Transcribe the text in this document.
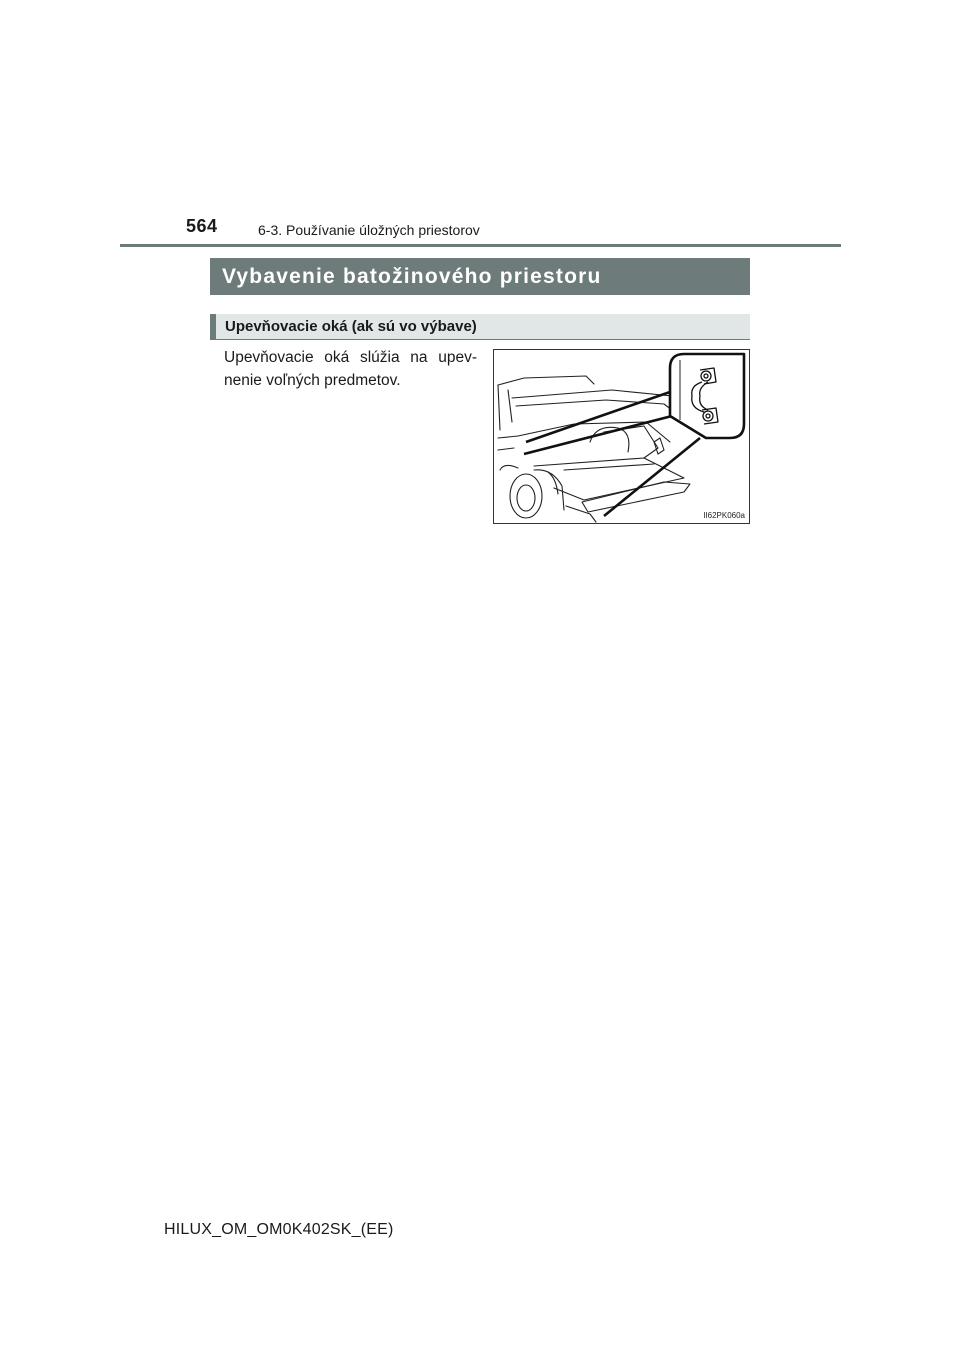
564	6-3. Používanie úložných priestorov
Vybavenie batožinového priestoru
Upevňovacie oká (ak sú vo výbave)
Upevňovacie oká slúžia na upev- nenie voľných predmetov.
II62PK060a
HILUX_OM_OM0K402SK_(EE)
